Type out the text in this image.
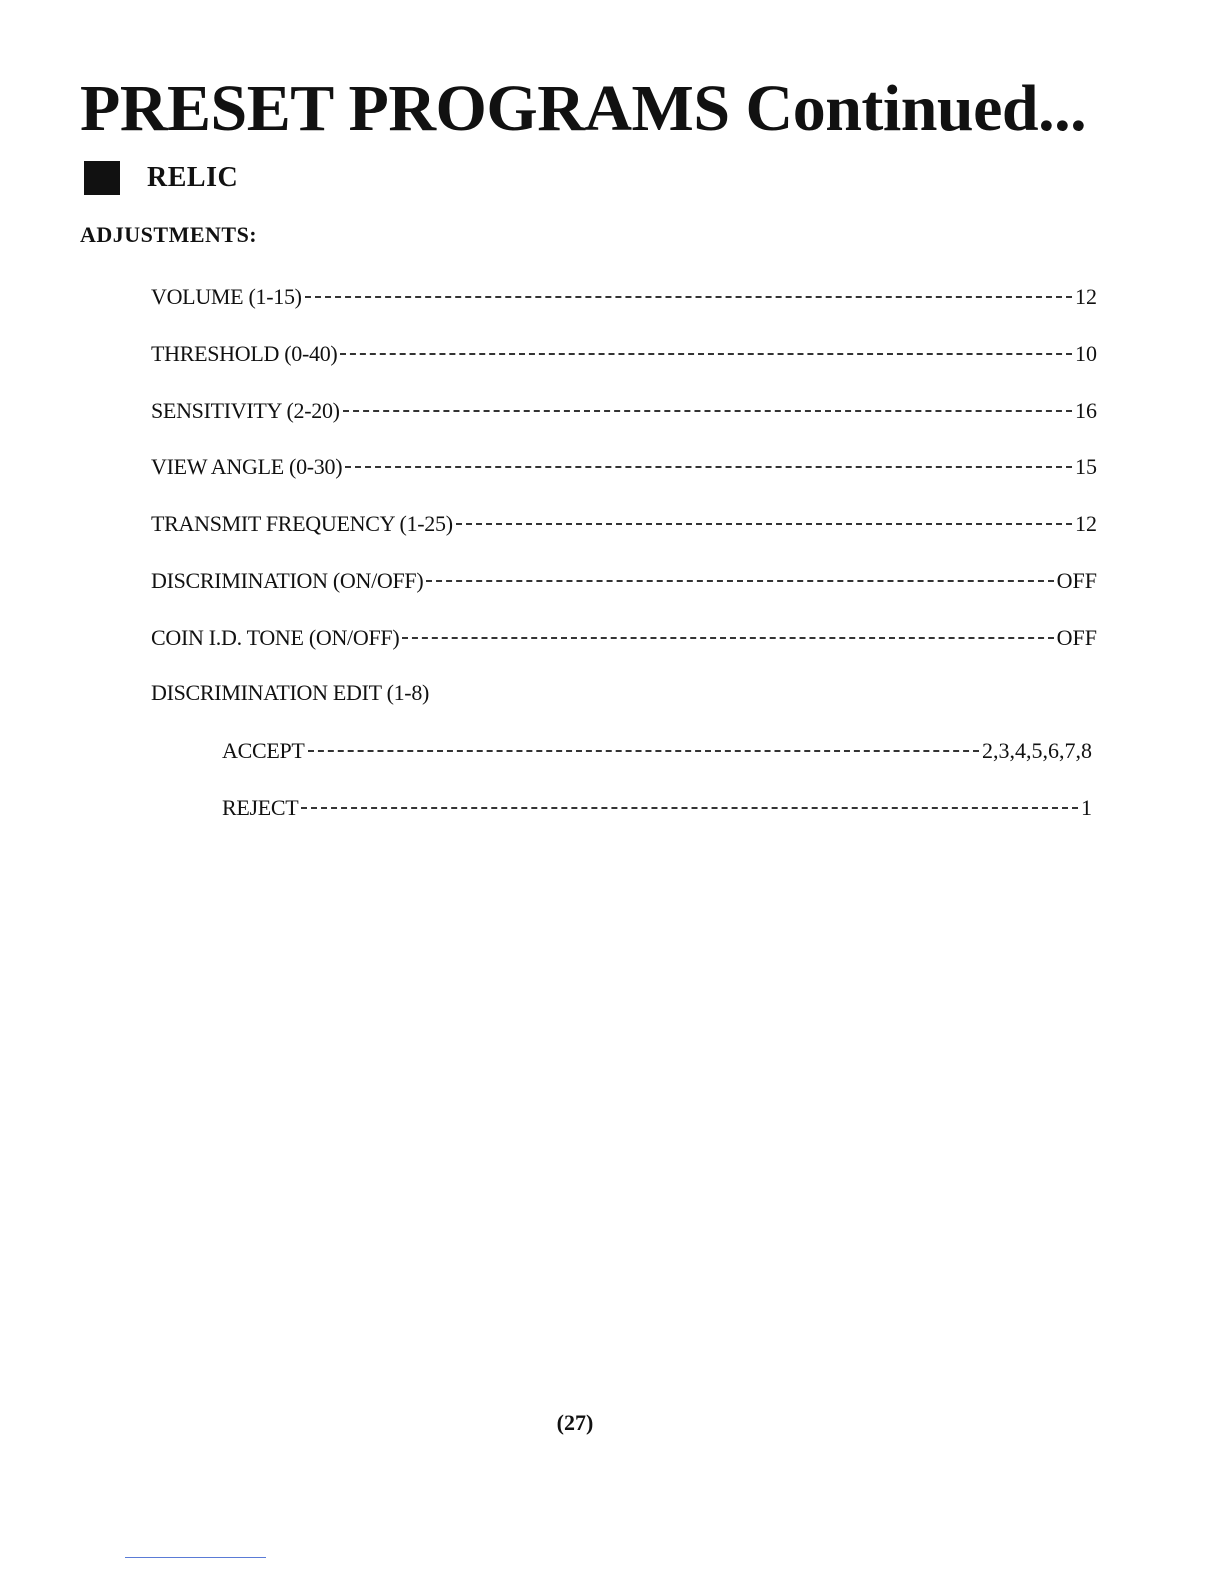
PRESET PROGRAMS Continued...
RELIC
ADJUSTMENTS:
VOLUME (1-15)	12
THRESHOLD (0-40)	10
SENSITIVITY (2-20)	16
VIEW ANGLE (0-30)	15
TRANSMIT FREQUENCY (1-25)	12
DISCRIMINATION (ON/OFF)	OFF
COIN I.D. TONE (ON/OFF)	OFF
DISCRIMINATION EDIT (1-8)
ACCEPT	2,3,4,5,6,7,8
REJECT	1
(27)
